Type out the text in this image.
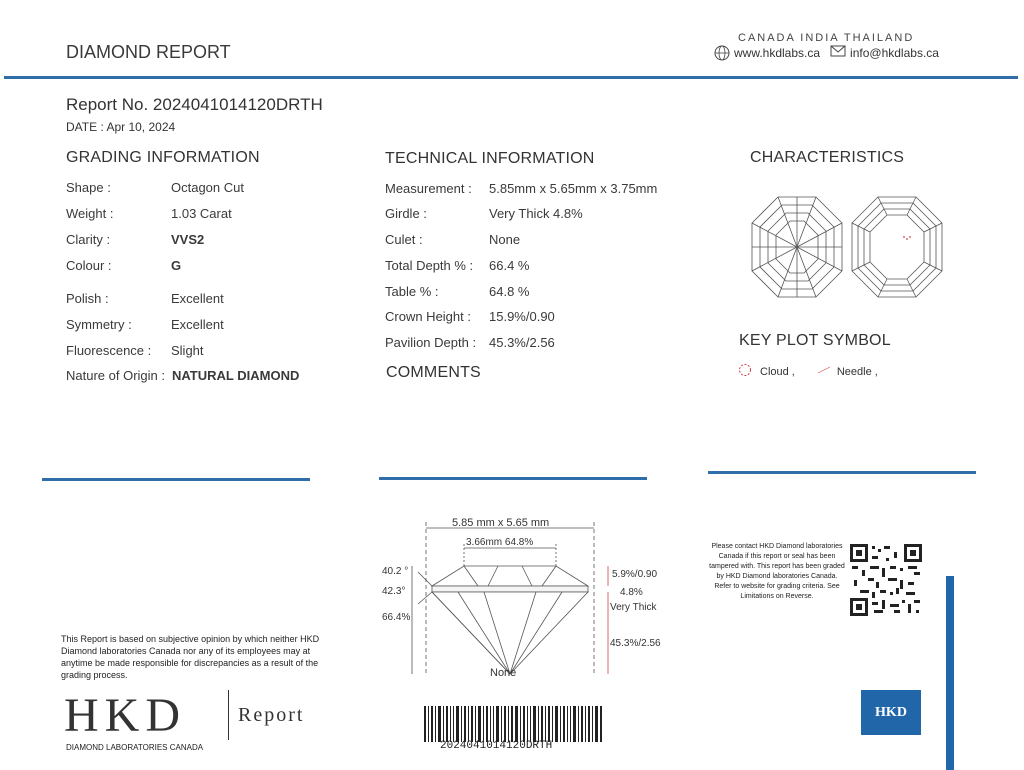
DIAMOND REPORT
CANADA INDIA THAILAND
www.hkdlabs.ca	info@hkdlabs.ca
Report No. 2024041014120DRTH
DATE : Apr 10, 2024
GRADING INFORMATION
Shape :	Octagon Cut
Weight :	1.03 Carat
Clarity :	VVS2
Colour :	G
Polish :	Excellent
Symmetry :	Excellent
Fluorescence : Slight
Nature of Origin : NATURAL DIAMOND
TECHNICAL INFORMATION
Measurement : 5.85mm x 5.65mm x 3.75mm
Girdle :	Very Thick 4.8%
Culet :	None
Total Depth % : 66.4 %
Table % :	64.8 %
Crown Height : 15.9%/0.90
Pavilion Depth : 45.3%/2.56
COMMENTS
CHARACTERISTICS
KEY PLOT SYMBOL
Cloud ,	Needle ,
5.85 mm x 5.65 mm
3.66mm 64.8%
40.2 °
42.3°
66.4%
5.9%/0.90
4.8%
Very Thick
45.3%/2.56
None
This Report is based on subjective opinion by which neither HKD Diamond laboratories Canada nor any of its employees may at anytime be made responsible for discrepancies as a result of the grading process.
HKD	Report
DIAMOND LABORATORIES CANADA	2024041014120DRTH
Please contact HKD Diamond laboratories Canada if this report or seal has been tampered with. This report has been graded by HKD Diamond laboratories Canada. Refer to website for grading criteria. See Limitations on Reverse.
HKD
